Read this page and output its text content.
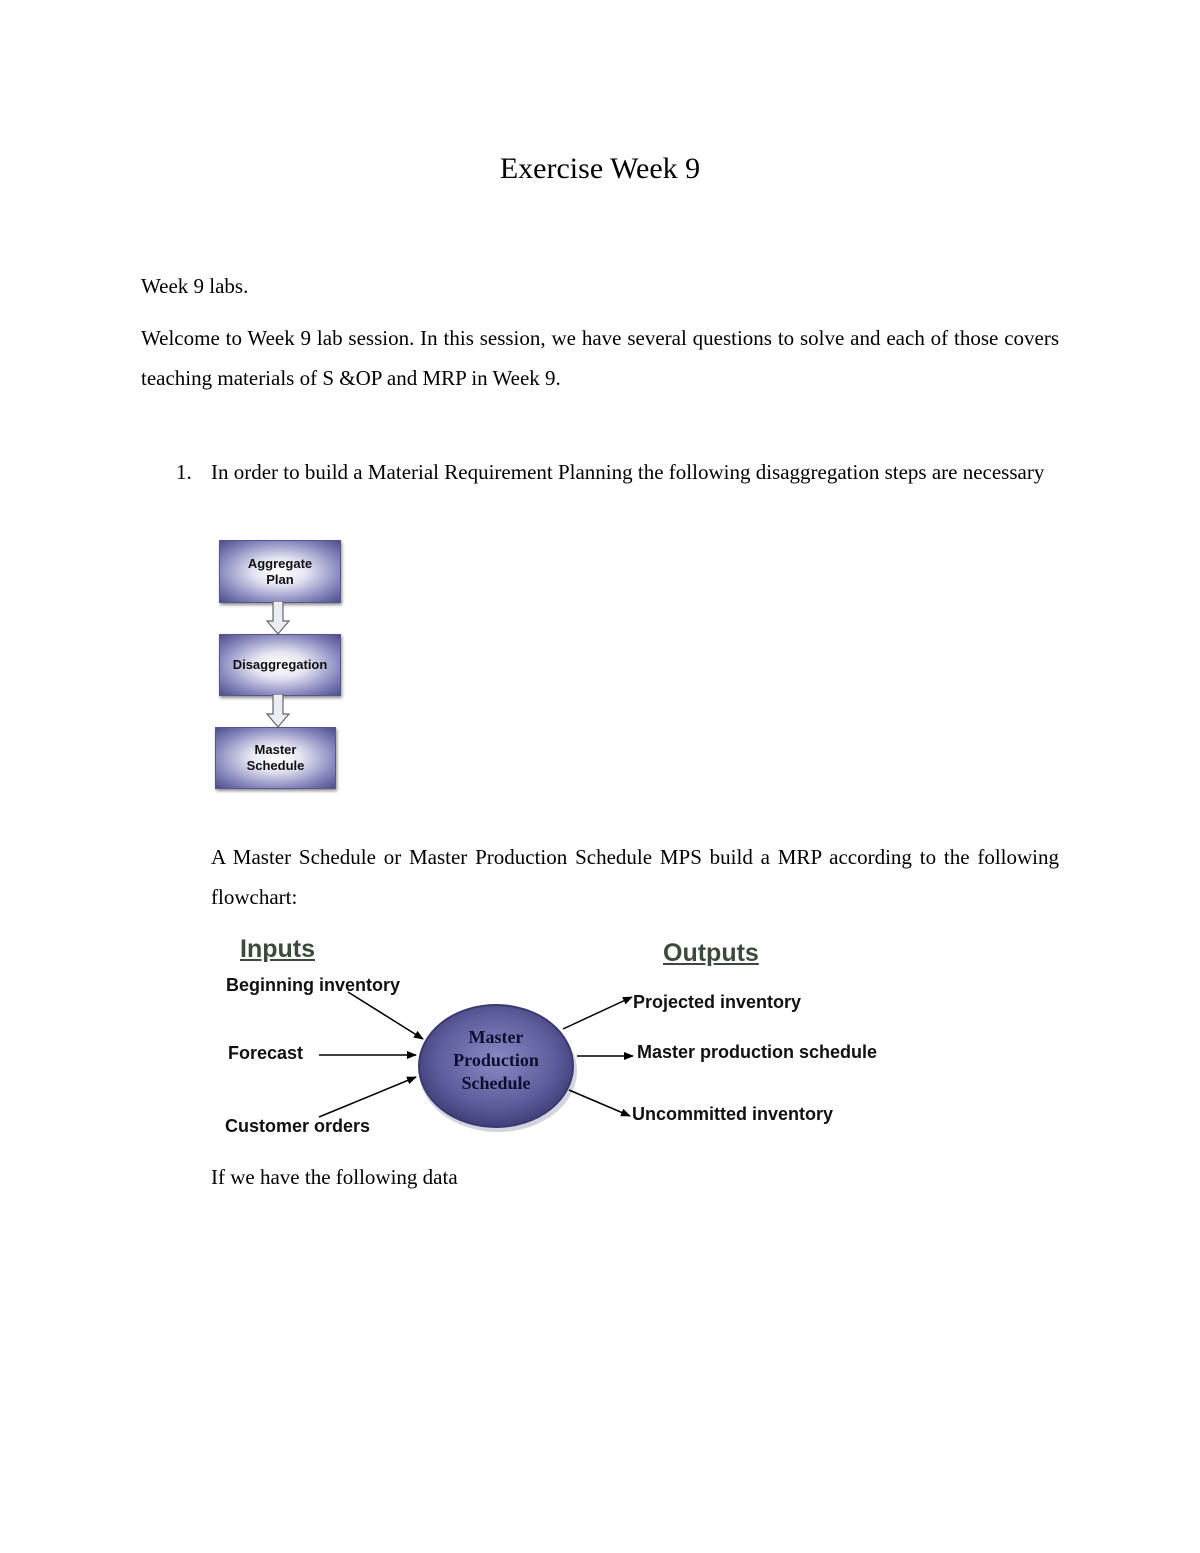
Exercise Week 9
Week 9 labs.
Welcome to Week 9 lab session. In this session, we have several questions to solve and each of those covers teaching materials of S &OP and MRP in Week 9.
1. In order to build a Material Requirement Planning the following disaggregation steps are necessary
Aggregate
Plan
Disaggregation
Master
Schedule
A Master Schedule or Master Production Schedule MPS build a MRP according to the following flowchart:
Inputs	Outputs
Beginning inventory
Forecast
Customer orders
Master
Production
Schedule
Projected inventory
Master production schedule
Uncommitted inventory
If we have the following data
